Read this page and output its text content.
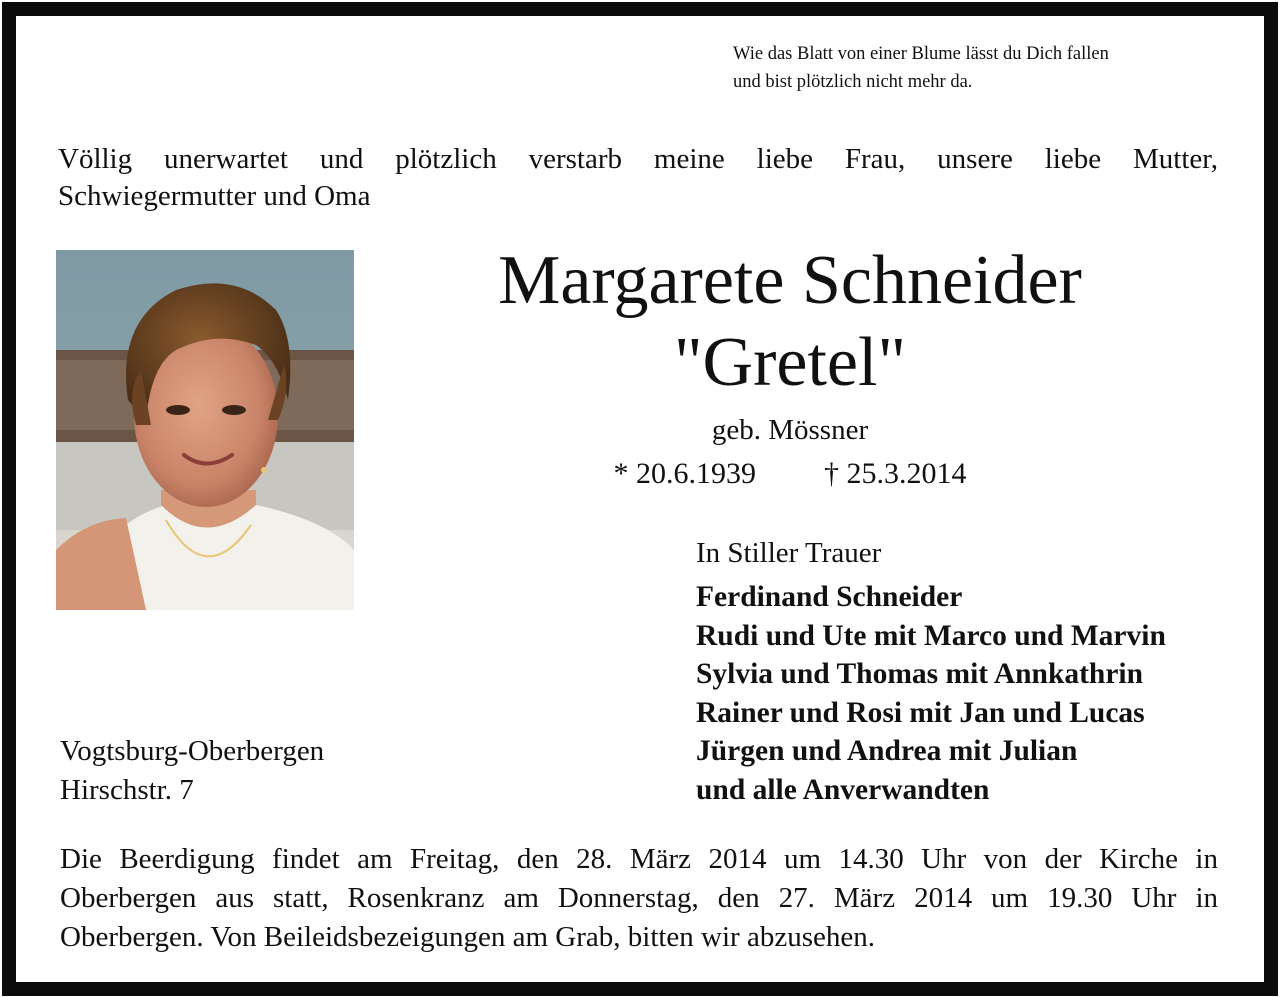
Wie das Blatt von einer Blume lässt du Dich fallen
und bist plötzlich nicht mehr da.
Völlig unerwartet und plötzlich verstarb meine liebe Frau, unsere liebe Mutter,
Schwiegermutter und Oma
Margarete Schneider
"Gretel"
geb. Mössner
* 20.6.1939 † 25.3.2014
In Stiller Trauer
Ferdinand Schneider
Rudi und Ute mit Marco und Marvin
Sylvia und Thomas mit Annkathrin
Rainer und Rosi mit Jan und Lucas
Jürgen und Andrea mit Julian
und alle Anverwandten
Vogtsburg-Oberbergen
Hirschstr. 7
Die Beerdigung findet am Freitag, den 28. März 2014 um 14.30 Uhr von der Kirche in
Oberbergen aus statt, Rosenkranz am Donnerstag, den 27. März 2014 um 19.30 Uhr in
Oberbergen. Von Beileidsbezeigungen am Grab, bitten wir abzusehen.
